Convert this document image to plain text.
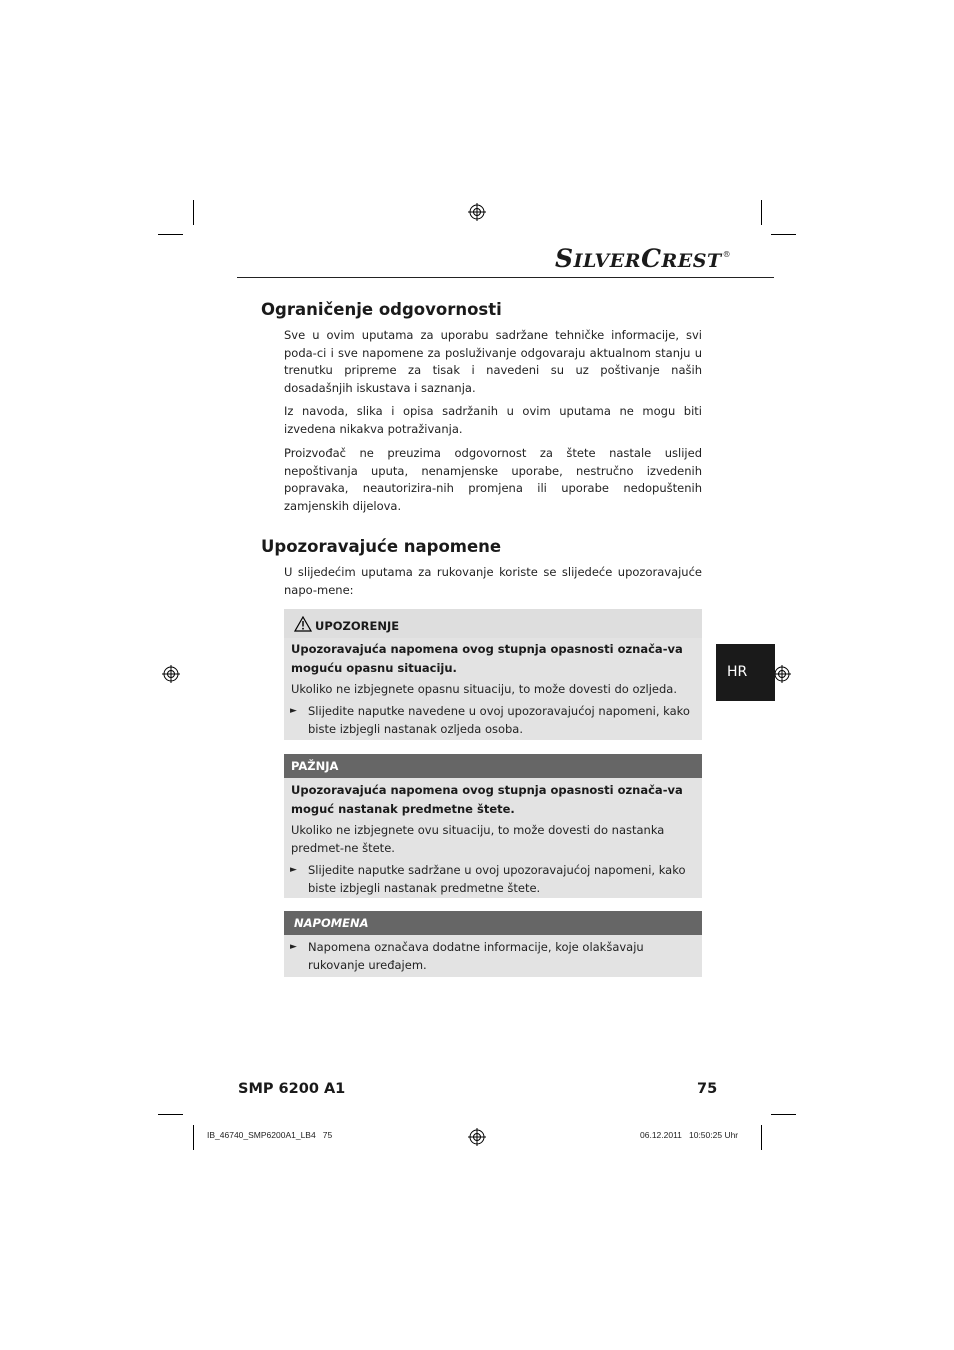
SILVERCREST®
Ograničenje odgovornosti

Sve u ovim uputama za uporabu sadržane tehničke informacije, svi poda-ci i sve napomene za posluživanje odgovaraju aktualnom stanju u trenutku pripreme za tisak i navedeni su uz poštivanje naših dosadašnjih iskustava i saznanja.

Iz navoda, slika i opisa sadržanih u ovim uputama ne mogu biti izvedena nikakva potraživanja.

Proizvođač ne preuzima odgovornost za štete nastale uslijed nepoštivanja uputa, nenamjenske uporabe, nestručno izvedenih popravaka, neautorizira-nih promjena ili uporabe nedopuštenih zamjenskih dijelova.

Upozoravajuće napomene

U slijedećim uputama za rukovanje koriste se slijedeće upozoravajuće napo-mene:

UPOZORENJE
Upozoravajuća napomena ovog stupnja opasnosti označa-va moguću opasnu situaciju.
Ukoliko ne izbjegnete opasnu situaciju, to može dovesti do ozljeda.
► Slijedite naputke navedene u ovoj upozoravajućoj napomeni, kako biste izbjegli nastanak ozljeda osoba.
PAŽNJA
Upozoravajuća napomena ovog stupnja opasnosti označa-va moguć nastanak predmetne štete.
Ukoliko ne izbjegnete ovu situaciju, to može dovesti do nastanka predmet-ne štete.
► Slijedite naputke sadržane u ovoj upozoravajućoj napomeni, kako biste izbjegli nastanak predmetne štete.
NAPOMENA
► Napomena označava dodatne informacije, koje olakšavaju rukovanje uređajem.
HR
SMP 6200 A1	75
IB_46740_SMP6200A1_LB4   75	06.12.2011   10:50:25 Uhr
